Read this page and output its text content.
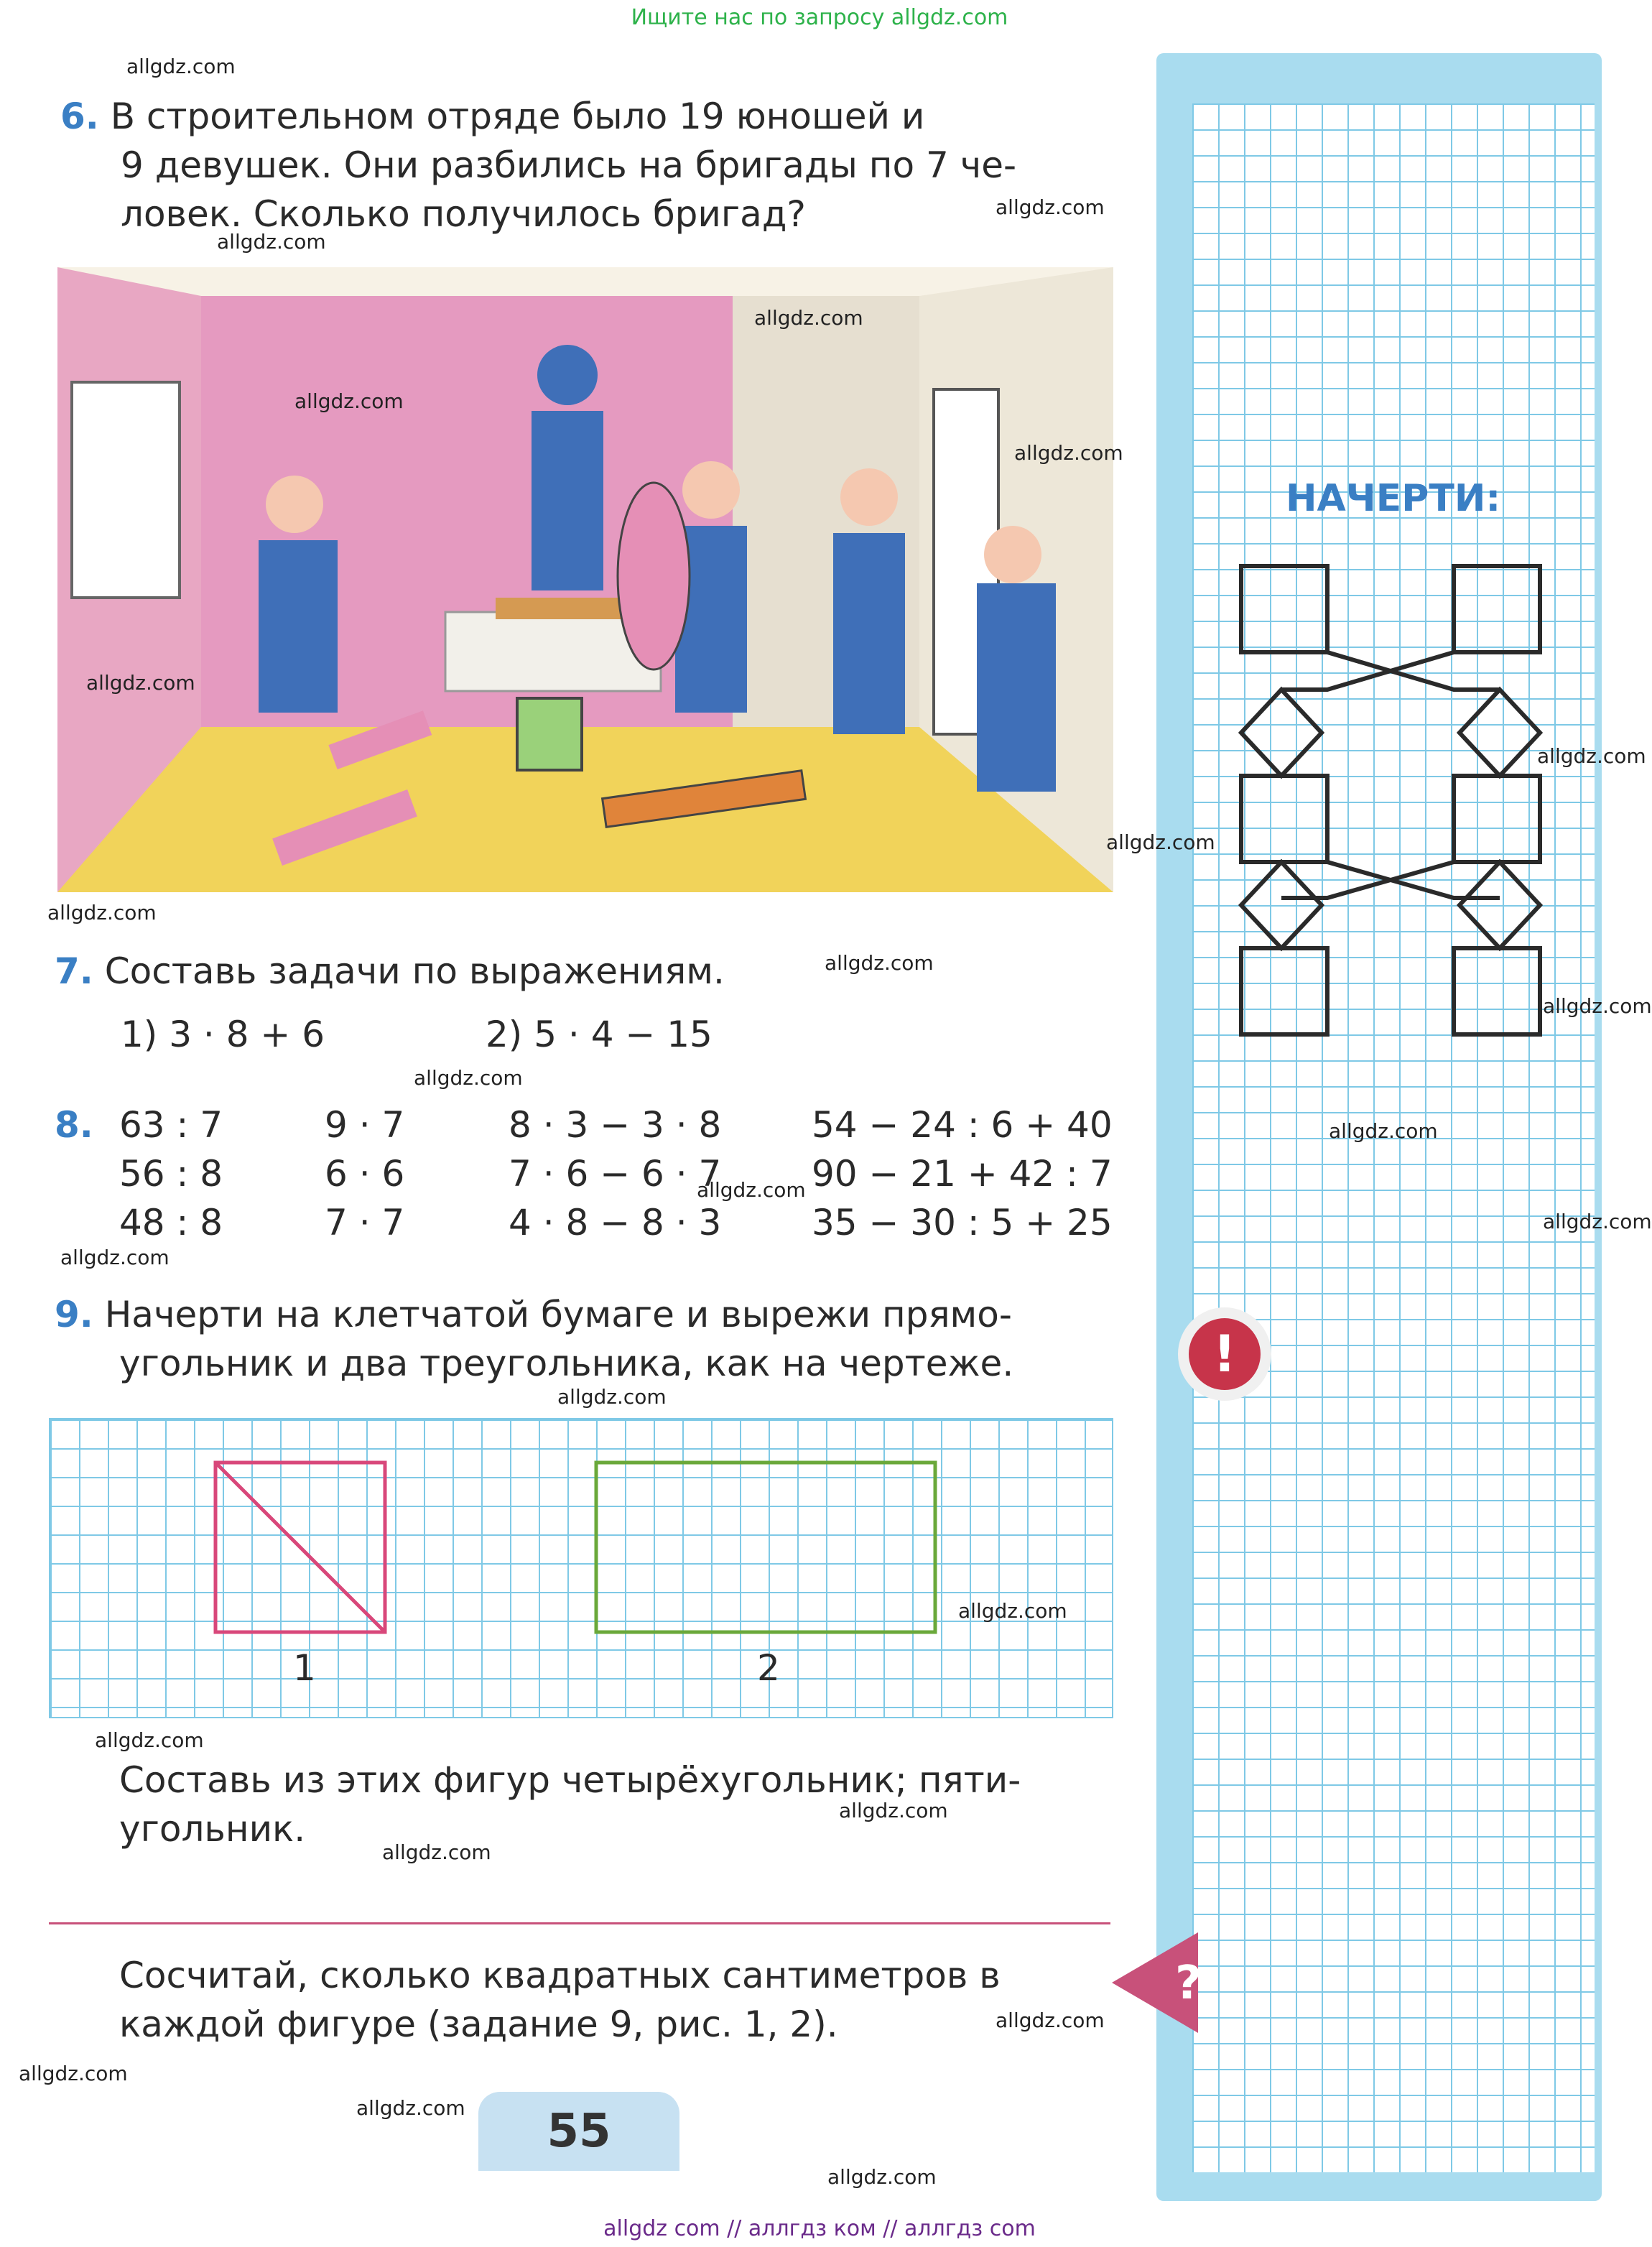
Ищите нас по запросу allgdz.com
НАЧЕРТИ:
!
?
6. В строительном отряде было 19 юношей и
9 девушек. Они разбились на бригады по 7 че-
ловек. Сколько получилось бригад?
7. Составь задачи по выражениям.
1) 3 · 8 + 6	2) 5 · 4 − 15
8. 63 : 7
56 : 8
48 : 8
9 · 7
6 · 6
7 · 7
8 · 3 − 3 · 8
7 · 6 − 6 · 7
4 · 8 − 8 · 3
54 − 24 : 6 + 40
90 − 21 + 42 : 7
35 − 30 : 5 + 25
9. Начерти на клетчатой бумаге и вырежи прямо-
угольник и два треугольника, как на чертеже.
1	2
Составь из этих фигур четырёхугольник; пяти-
угольник.
Сосчитай, сколько квадратных сантиметров в
каждой фигуре (задание 9, рис. 1, 2).
55
allgdz.com
allgdz.com
allgdz.com
allgdz.com
allgdz.com
allgdz.com
allgdz.com
allgdz.com
allgdz.com
allgdz.com
allgdz.com
allgdz.com
allgdz.com
allgdz.com
allgdz.com
allgdz.com
allgdz.com
allgdz.com
allgdz.com
allgdz.com
allgdz.com
allgdz.com
allgdz.com
allgdz.com
allgdz.com
allgdz.com
allgdz com // аллгдз ком // аллгдз com
